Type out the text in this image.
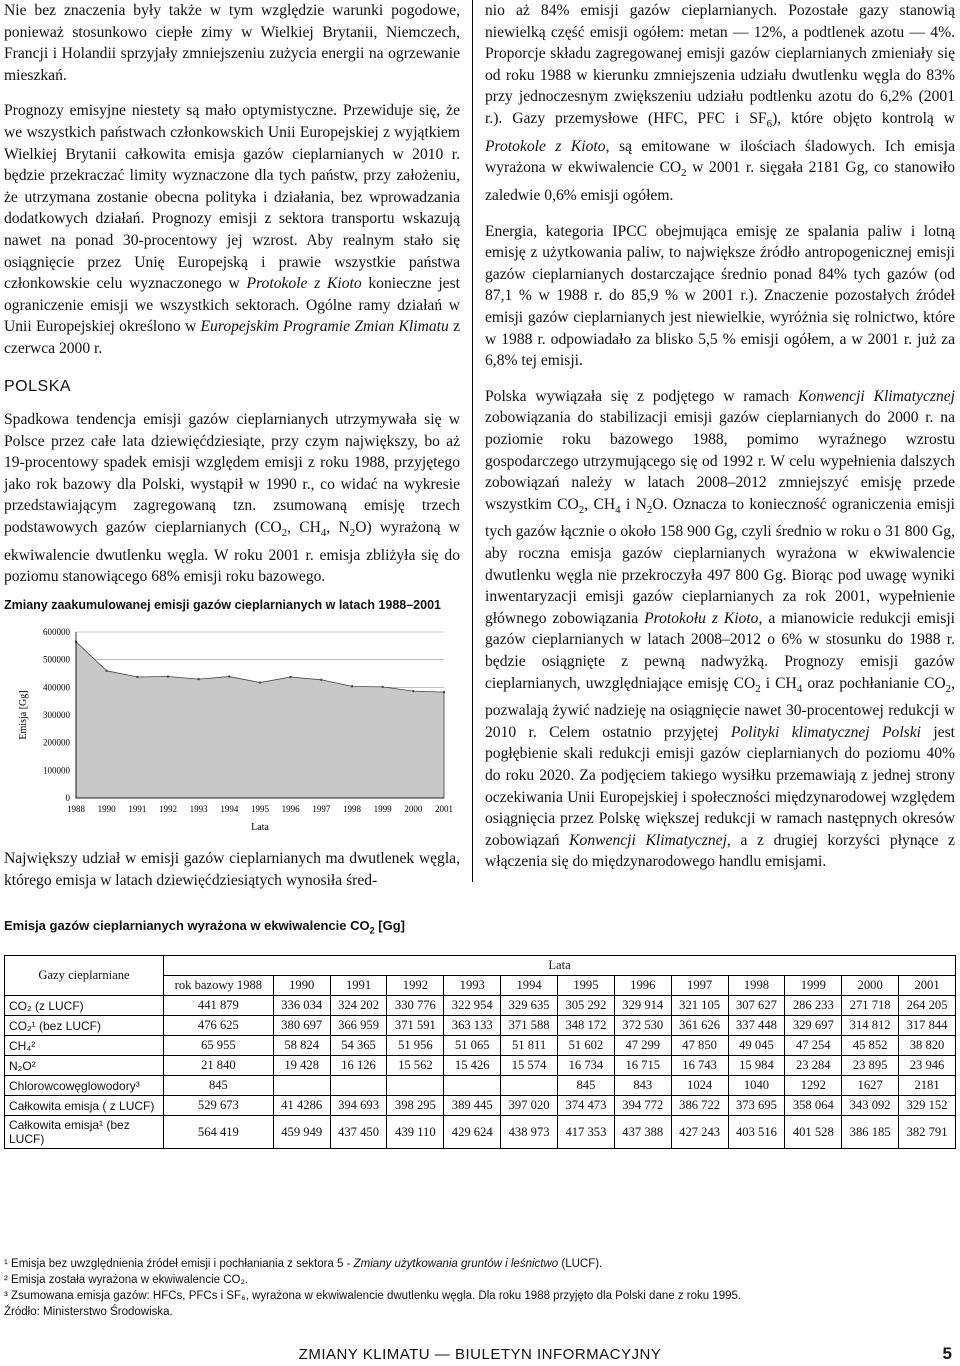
Nie bez znaczenia były także w tym względzie warunki pogodowe, ponieważ stosunkowo ciepłe zimy w Wielkiej Brytanii, Niemczech, Francji i Holandii sprzyjały zmniejszeniu zużycia energii na ogrzewanie mieszkań.

Prognozy emisyjne niestety są mało optymistyczne. Przewiduje się, że we wszystkich państwach członkowskich Unii Europejskiej z wyjątkiem Wielkiej Brytanii całkowita emisja gazów cieplarnianych w 2010 r. będzie przekraczać limity wyznaczone dla tych państw, przy założeniu, że utrzymana zostanie obecna polityka i działania, bez wprowadzania dodatkowych działań. Prognozy emisji z sektora transportu wskazują nawet na ponad 30-procentowy jej wzrost. Aby realnym stało się osiągnięcie przez Unię Europejską i prawie wszystkie państwa członkowskie celu wyznaczonego w Protokole z Kioto konieczne jest ograniczenie emisji we wszystkich sektorach. Ogólne ramy działań w Unii Europejskiej określono w Europejskim Programie Zmian Klimatu z czerwca 2000 r.

POLSKA

Spadkowa tendencja emisji gazów cieplarnianych utrzymywała się w Polsce przez całe lata dziewięćdziesiąte, przy czym największy, bo aż 19-procentowy spadek emisji względem emisji z roku 1988, przyjętego jako rok bazowy dla Polski, wystąpił w 1990 r., co widać na wykresie przedstawiającym zagregowaną tzn. zsumowaną emisję trzech podstawowych gazów cieplarnianych ($CO_2$, $CH_4$, $N_2O$) wyrażoną w ekwiwalencie dwutlenku węgla. W roku 2001 r. emisja zbliżyła się do poziomu stanowiącego 68% emisji roku bazowego.

Zmiany zaakumulowanej emisji gazów cieplarnianych w latach 1988–2001
0
100000
200000
300000
400000
500000
600000
1988 1990 1991 1992 1993 1994 1995 1996 1997 1998 1999 2000 2001
Lata
Emisja [Gg]
Największy udział w emisji gazów cieplarnianych ma dwutlenek węgla, którego emisja w latach dziewięćdziesiątych wynosiła śred-

nio aż 84% emisji gazów cieplarnianych. Pozostałe gazy stanowią niewielką część emisji ogółem: metan — 12%, a podtlenek azotu — 4%. Proporcje składu zagregowanej emisji gazów cieplarnianych zmieniały się od roku 1988 w kierunku zmniejszenia udziału dwutlenku węgla do 83% przy jednoczesnym zwiększeniu udziału podtlenku azotu do 6,2% (2001 r.). Gazy przemysłowe (HFC, PFC i $SF_6$), które objęto kontrolą w Protokole z Kioto, są emitowane w ilościach śladowych. Ich emisja wyrażona w ekwiwalencie $CO_2$ w 2001 r. sięgała 2181 Gg, co stanowiło zaledwie 0,6% emisji ogółem.

Energia, kategoria IPCC obejmująca emisję ze spalania paliw i lotną emisję z użytkowania paliw, to największe źródło antropogenicznej emisji gazów cieplarnianych dostarczające średnio ponad 84% tych gazów (od 87,1 % w 1988 r. do 85,9 % w 2001 r.). Znaczenie pozostałych źródeł emisji gazów cieplarnianych jest niewielkie, wyróżnia się rolnictwo, które w 1988 r. odpowiadało za blisko 5,5 % emisji ogółem, a w 2001 r. już za 6,8% tej emisji.

Polska wywiązała się z podjętego w ramach Konwencji Klimatycznej zobowiązania do stabilizacji emisji gazów cieplarnianych do 2000 r. na poziomie roku bazowego 1988, pomimo wyraźnego wzrostu gospodarczego utrzymującego się od 1992 r. W celu wypełnienia dalszych zobowiązań należy w latach 2008–2012 zmniejszyć emisję przede wszystkim $CO_2$, $CH_4$ i $N_2O$. Oznacza to konieczność ograniczenia emisji tych gazów łącznie o około 158 900 Gg, czyli średnio w roku o 31 800 Gg, aby roczna emisja gazów cieplarnianych wyrażona w ekwiwalencie dwutlenku węgla nie przekroczyła 497 800 Gg. Biorąc pod uwagę wyniki inwentaryzacji emisji gazów cieplarnianych za rok 2001, wypełnienie głównego zobowiązania Protokołu z Kioto, a mianowicie redukcji emisji gazów cieplarnianych w latach 2008–2012 o 6% w stosunku do 1988 r. będzie osiągnięte z pewną nadwyżką. Prognozy emisji gazów cieplarnianych, uwzględniające emisję $CO_2$ i $CH_4$ oraz pochłanianie $CO_2$, pozwalają żywić nadzieję na osiągnięcie nawet 30-procentowej redukcji w 2010 r. Celem ostatnio przyjętej Polityki klimatycznej Polski jest pogłębienie skali redukcji emisji gazów cieplarnianych do poziomu 40% do roku 2020. Za podjęciem takiego wysiłku przemawiają z jednej strony oczekiwania Unii Europejskiej i społeczności międzynarodowej względem osiągnięcia przez Polskę większej redukcji w ramach następnych okresów zobowiązań Konwencji Klimatycznej, a z drugiej korzyści płynące z włączenia się do międzynarodowego handlu emisjami.

Emisja gazów cieplarnianych wyrażona w ekwiwalencie $CO_2$ [Gg]
Gazy cieplarniane	Lata												
	rok bazowy 1988	1990	1991	1992	1993	1994	1995	1996	1997	1998	1999	2000	2001
CO₂ (z LUCF)	441 879	336 034	324 202	330 776	322 954	329 635	305 292	329 914	321 105	307 627	286 233	271 718	264 205
CO₂¹ (bez LUCF)	476 625	380 697	366 959	371 591	363 133	371 588	348 172	372 530	361 626	337 448	329 697	314 812	317 844
CH₄²	65 955	58 824	54 365	51 956	51 065	51 811	51 602	47 299	47 850	49 045	47 254	45 852	38 820
N₂O²	21 840	19 428	16 126	15 562	15 426	15 574	16 734	16 715	16 743	15 984	23 284	23 895	23 946
Chlorowcowęglowodory³	845						845	843	1024	1040	1292	1627	2181
Całkowita emisja ( z LUCF)	529 673	41 4286	394 693	398 295	389 445	397 020	374 473	394 772	386 722	373 695	358 064	343 092	329 152
Całkowita emisja¹ (bez LUCF)	564 419	459 949	437 450	439 110	429 624	438 973	417 353	437 388	427 243	403 516	401 528	386 185	382 791
¹ Emisja bez uwzględnienia źródeł emisji i pochłaniania z sektora 5 - Zmiany użytkowania gruntów i leśnictwo (LUCF).
² Emisja została wyrażona w ekwiwalencie CO₂.
³ Zsumowana emisja gazów: HFCs, PFCs i SF₆, wyrażona w ekwiwalencie dwutlenku węgla. Dla roku 1988 przyjęto dla Polski dane z roku 1995.
Źródło: Ministerstwo Środowiska.
ZMIANY KLIMATU — BIULETYN INFORMACYJNY	5
